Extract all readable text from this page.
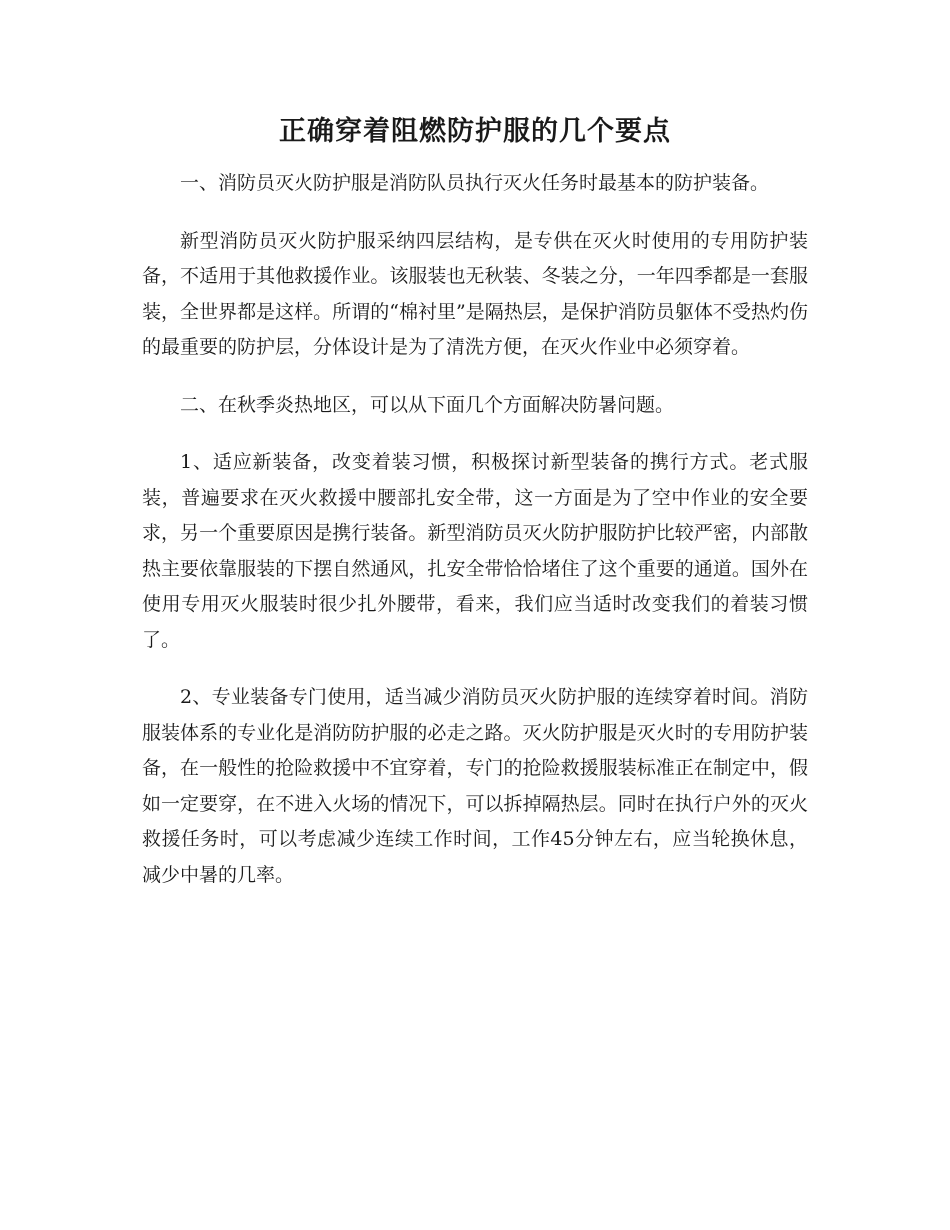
正确穿着阻燃防护服的几个要点

一、消防员灭火防护服是消防队员执行灭火任务时最基本的防护装备。

新型消防员灭火防护服采纳四层结构，是专供在灭火时使用的专用防护装备，不适用于其他救援作业。该服装也无秋装、冬装之分，一年四季都是一套服装，全世界都是这样。所谓的“棉衬里”是隔热层，是保护消防员躯体不受热灼伤的最重要的防护层，分体设计是为了清洗方便，在灭火作业中必须穿着。

二、在秋季炎热地区，可以从下面几个方面解决防暑问题。

1、适应新装备，改变着装习惯，积极探讨新型装备的携行方式。老式服装，普遍要求在灭火救援中腰部扎安全带，这一方面是为了空中作业的安全要求，另一个重要原因是携行装备。新型消防员灭火防护服防护比较严密，内部散热主要依靠服装的下摆自然通风，扎安全带恰恰堵住了这个重要的通道。国外在使用专用灭火服装时很少扎外腰带，看来，我们应当适时改变我们的着装习惯了。

2、专业装备专门使用，适当减少消防员灭火防护服的连续穿着时间。消防服装体系的专业化是消防防护服的必走之路。灭火防护服是灭火时的专用防护装备，在一般性的抢险救援中不宜穿着，专门的抢险救援服装标准正在制定中，假如一定要穿，在不进入火场的情况下，可以拆掉隔热层。同时在执行户外的灭火救援任务时，可以考虑减少连续工作时间，工作45分钟左右，应当轮换休息，减少中暑的几率。
